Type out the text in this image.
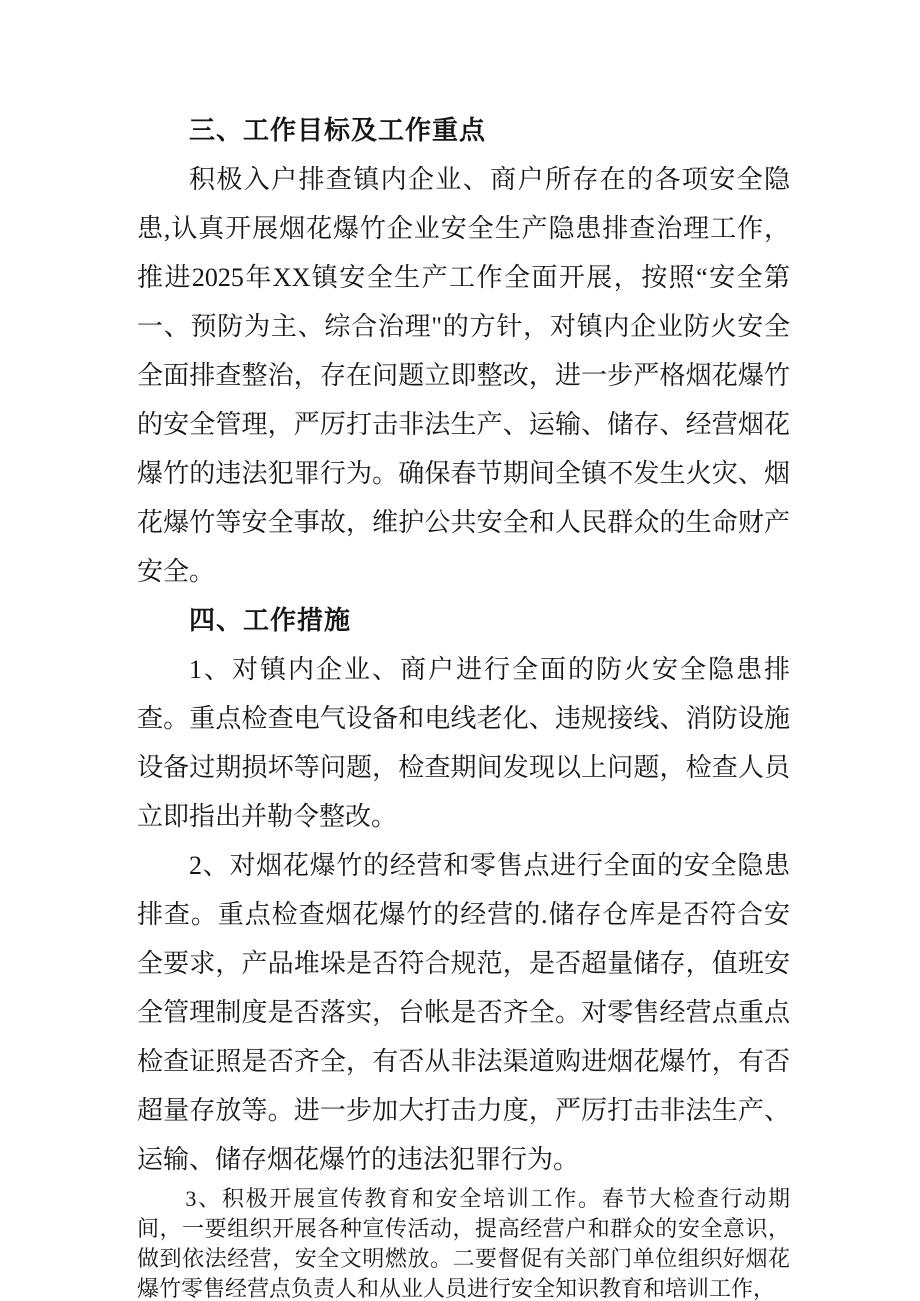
三、工作目标及工作重点

积极入户排查镇内企业、商户所存在的各项安全隐患,认真开展烟花爆竹企业安全生产隐患排查治理工作，推进2025年XX镇安全生产工作全面开展，按照“安全第一、预防为主、综合治理"的方针，对镇内企业防火安全全面排查整治，存在问题立即整改，进一步严格烟花爆竹的安全管理，严厉打击非法生产、运输、储存、经营烟花爆竹的违法犯罪行为。确保春节期间全镇不发生火灾、烟花爆竹等安全事故，维护公共安全和人民群众的生命财产安全。

四、工作措施

1、对镇内企业、商户进行全面的防火安全隐患排查。重点检查电气设备和电线老化、违规接线、消防设施设备过期损坏等问题，检查期间发现以上问题，检查人员立即指出并勒令整改。

2、对烟花爆竹的经营和零售点进行全面的安全隐患排查。重点检查烟花爆竹的经营的.储存仓库是否符合安全要求，产品堆垛是否符合规范，是否超量储存，值班安全管理制度是否落实，台帐是否齐全。对零售经营点重点检查证照是否齐全，有否从非法渠道购进烟花爆竹，有否超量存放等。进一步加大打击力度，严厉打击非法生产、运输、储存烟花爆竹的违法犯罪行为。

3、积极开展宣传教育和安全培训工作。春节大检查行动期间，一要组织开展各种宣传活动，提高经营户和群众的安全意识，做到依法经营，安全文明燃放。二要督促有关部门单位组织好烟花爆竹零售经营点负责人和从业人员进行安全知识教育和培训工作，
